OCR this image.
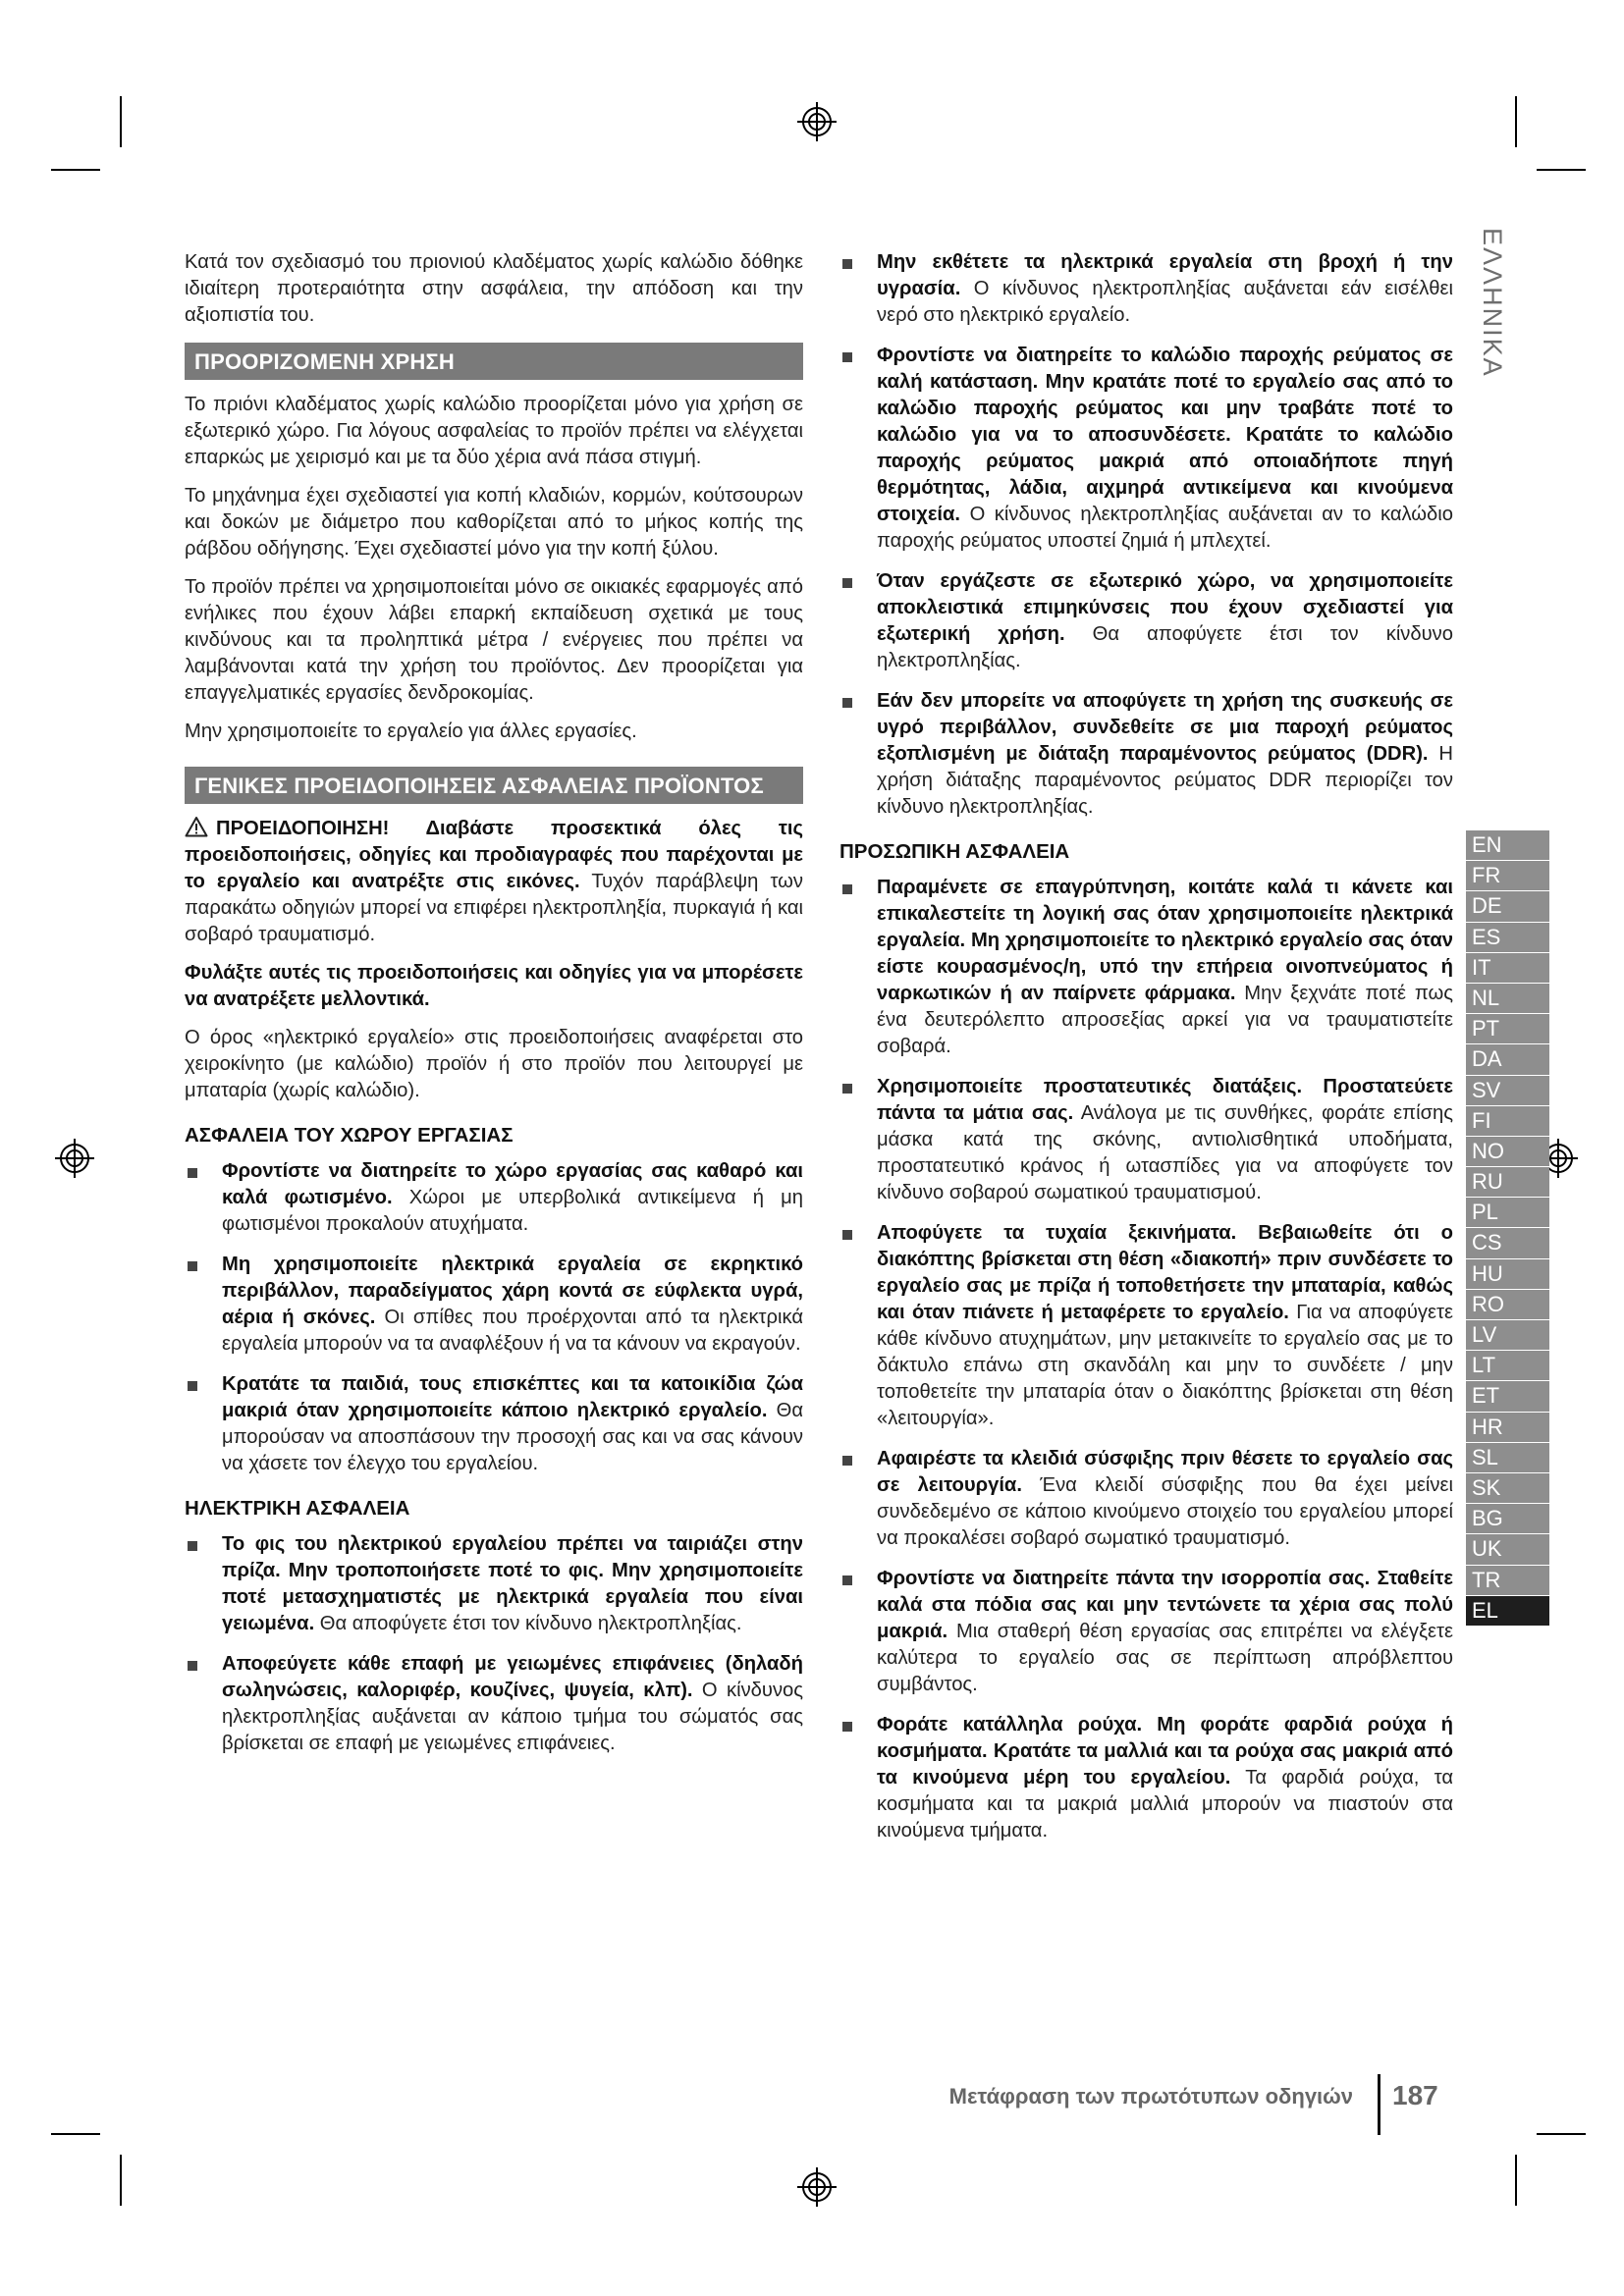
ΕΛΛΗΝΙΚΑ

Κατά τον σχεδιασμό του πριονιού κλαδέματος χωρίς καλώδιο δόθηκε ιδιαίτερη προτεραιότητα στην ασφάλεια, την απόδοση και την αξιοπιστία του.

ΠΡΟΟΡΙΖΟΜΕΝΗ ΧΡΗΣΗ

Το πριόνι κλαδέματος χωρίς καλώδιο προορίζεται μόνο για χρήση σε εξωτερικό χώρο. Για λόγους ασφαλείας το προϊόν πρέπει να ελέγχεται επαρκώς με χειρισμό και με τα δύο χέρια ανά πάσα στιγμή.

Το μηχάνημα έχει σχεδιαστεί για κοπή κλαδιών, κορμών, κούτσουρων και δοκών με διάμετρο που καθορίζεται από το μήκος κοπής της ράβδου οδήγησης. Έχει σχεδιαστεί μόνο για την κοπή ξύλου.

Το προϊόν πρέπει να χρησιμοποιείται μόνο σε οικιακές εφαρμογές από ενήλικες που έχουν λάβει επαρκή εκπαίδευση σχετικά με τους κινδύνους και τα προληπτικά μέτρα / ενέργειες που πρέπει να λαμβάνονται κατά την χρήση του προϊόντος. Δεν προορίζεται για επαγγελματικές εργασίες δενδροκομίας.

Μην χρησιμοποιείτε το εργαλείο για άλλες εργασίες.

ΓΕΝΙΚΕΣ ΠΡΟΕΙΔΟΠΟΙΗΣΕΙΣ ΑΣΦΑΛΕΙΑΣ ΠΡΟΪΟΝΤΟΣ

ΠΡΟΕΙΔΟΠΟΙΗΣΗ! Διαβάστε προσεκτικά όλες τις προειδοποιήσεις, οδηγίες και προδιαγραφές που παρέχονται με το εργαλείο και ανατρέξτε στις εικόνες. Τυχόν παράβλεψη των παρακάτω οδηγιών μπορεί να επιφέρει ηλεκτροπληξία, πυρκαγιά ή και σοβαρό τραυματισμό.

Φυλάξτε αυτές τις προειδοποιήσεις και οδηγίες για να μπορέσετε να ανατρέξετε μελλοντικά.

Ο όρος «ηλεκτρικό εργαλείο» στις προειδοποιήσεις αναφέρεται στο χειροκίνητο (με καλώδιο) προϊόν ή στο προϊόν που λειτουργεί με μπαταρία (χωρίς καλώδιο).

ΑΣΦΑΛΕΙΑ ΤΟΥ ΧΩΡΟΥ ΕΡΓΑΣΙΑΣ
Φροντίστε να διατηρείτε το χώρο εργασίας σας καθαρό και καλά φωτισμένο. Χώροι με υπερβολικά αντικείμενα ή μη φωτισμένοι προκαλούν ατυχήματα.
Μη χρησιμοποιείτε ηλεκτρικά εργαλεία σε εκρηκτικό περιβάλλον, παραδείγματος χάρη κοντά σε εύφλεκτα υγρά, αέρια ή σκόνες. Οι σπίθες που προέρχονται από τα ηλεκτρικά εργαλεία μπορούν να τα αναφλέξουν ή να τα κάνουν να εκραγούν.
Κρατάτε τα παιδιά, τους επισκέπτες και τα κατοικίδια ζώα μακριά όταν χρησιμοποιείτε κάποιο ηλεκτρικό εργαλείο. Θα μπορούσαν να αποσπάσουν την προσοχή σας και να σας κάνουν να χάσετε τον έλεγχο του εργαλείου.
ΗΛΕΚΤΡΙΚΗ ΑΣΦΑΛΕΙΑ
Το φις του ηλεκτρικού εργαλείου πρέπει να ταιριάζει στην πρίζα. Μην τροποποιήσετε ποτέ το φις. Μην χρησιμοποιείτε ποτέ μετασχηματιστές με ηλεκτρικά εργαλεία που είναι γειωμένα. Θα αποφύγετε έτσι τον κίνδυνο ηλεκτροπληξίας.
Αποφεύγετε κάθε επαφή με γειωμένες επιφάνειες (δηλαδή σωληνώσεις, καλοριφέρ, κουζίνες, ψυγεία, κλπ). Ο κίνδυνος ηλεκτροπληξίας αυξάνεται αν κάποιο τμήμα του σώματός σας βρίσκεται σε επαφή με γειωμένες επιφάνειες.
Μην εκθέτετε τα ηλεκτρικά εργαλεία στη βροχή ή την υγρασία. Ο κίνδυνος ηλεκτροπληξίας αυξάνεται εάν εισέλθει νερό στο ηλεκτρικό εργαλείο.
Φροντίστε να διατηρείτε το καλώδιο παροχής ρεύματος σε καλή κατάσταση. Μην κρατάτε ποτέ το εργαλείο σας από το καλώδιο παροχής ρεύματος και μην τραβάτε ποτέ το καλώδιο για να το αποσυνδέσετε. Κρατάτε το καλώδιο παροχής ρεύματος μακριά από οποιαδήποτε πηγή θερμότητας, λάδια, αιχμηρά αντικείμενα και κινούμενα στοιχεία. Ο κίνδυνος ηλεκτροπληξίας αυξάνεται αν το καλώδιο παροχής ρεύματος υποστεί ζημιά ή μπλεχτεί.
Όταν εργάζεστε σε εξωτερικό χώρο, να χρησιμοποιείτε αποκλειστικά επιμηκύνσεις που έχουν σχεδιαστεί για εξωτερική χρήση. Θα αποφύγετε έτσι τον κίνδυνο ηλεκτροπληξίας.
Εάν δεν μπορείτε να αποφύγετε τη χρήση της συσκευής σε υγρό περιβάλλον, συνδεθείτε σε μια παροχή ρεύματος εξοπλισμένη με διάταξη παραμένοντος ρεύματος (DDR). Η χρήση διάταξης παραμένοντος ρεύματος DDR περιορίζει τον κίνδυνο ηλεκτροπληξίας.
ΠΡΟΣΩΠΙΚΗ ΑΣΦΑΛΕΙΑ
Παραμένετε σε επαγρύπνηση, κοιτάτε καλά τι κάνετε και επικαλεστείτε τη λογική σας όταν χρησιμοποιείτε ηλεκτρικά εργαλεία. Μη χρησιμοποιείτε το ηλεκτρικό εργαλείο σας όταν είστε κουρασμένος/η, υπό την επήρεια οινοπνεύματος ή ναρκωτικών ή αν παίρνετε φάρμακα. Μην ξεχνάτε ποτέ πως ένα δευτερόλεπτο απροσεξίας αρκεί για να τραυματιστείτε σοβαρά.
Χρησιμοποιείτε προστατευτικές διατάξεις. Προστατεύετε πάντα τα μάτια σας. Ανάλογα με τις συνθήκες, φοράτε επίσης μάσκα κατά της σκόνης, αντιολισθητικά υποδήματα, προστατευτικό κράνος ή ωτασπίδες για να αποφύγετε τον κίνδυνο σοβαρού σωματικού τραυματισμού.
Αποφύγετε τα τυχαία ξεκινήματα. Βεβαιωθείτε ότι ο διακόπτης βρίσκεται στη θέση «διακοπή» πριν συνδέσετε το εργαλείο σας με πρίζα ή τοποθετήσετε την μπαταρία, καθώς και όταν πιάνετε ή μεταφέρετε το εργαλείο. Για να αποφύγετε κάθε κίνδυνο ατυχημάτων, μην μετακινείτε το εργαλείο σας με το δάκτυλο επάνω στη σκανδάλη και μην το συνδέετε / μην τοποθετείτε την μπαταρία όταν ο διακόπτης βρίσκεται στη θέση «λειτουργία».
Αφαιρέστε τα κλειδιά σύσφιξης πριν θέσετε το εργαλείο σας σε λειτουργία. Ένα κλειδί σύσφιξης που θα έχει μείνει συνδεδεμένο σε κάποιο κινούμενο στοιχείο του εργαλείου μπορεί να προκαλέσει σοβαρό σωματικό τραυματισμό.
Φροντίστε να διατηρείτε πάντα την ισορροπία σας. Σταθείτε καλά στα πόδια σας και μην τεντώνετε τα χέρια σας πολύ μακριά. Μια σταθερή θέση εργασίας σας επιτρέπει να ελέγξετε καλύτερα το εργαλείο σας σε περίπτωση απρόβλεπτου συμβάντος.
Φοράτε κατάλληλα ρούχα. Μη φοράτε φαρδιά ρούχα ή κοσμήματα. Κρατάτε τα μαλλιά και τα ρούχα σας μακριά από τα κινούμενα μέρη του εργαλείου. Τα φαρδιά ρούχα, τα κοσμήματα και τα μακριά μαλλιά μπορούν να πιαστούν στα κινούμενα τμήματα.
EN
FR
DE
ES
IT
NL
PT
DA
SV
FI
NO
RU
PL
CS
HU
RO
LV
LT
ET
HR
SL
SK
BG
UK
TR
EL
Μετάφραση των πρωτότυπων οδηγιών 187
